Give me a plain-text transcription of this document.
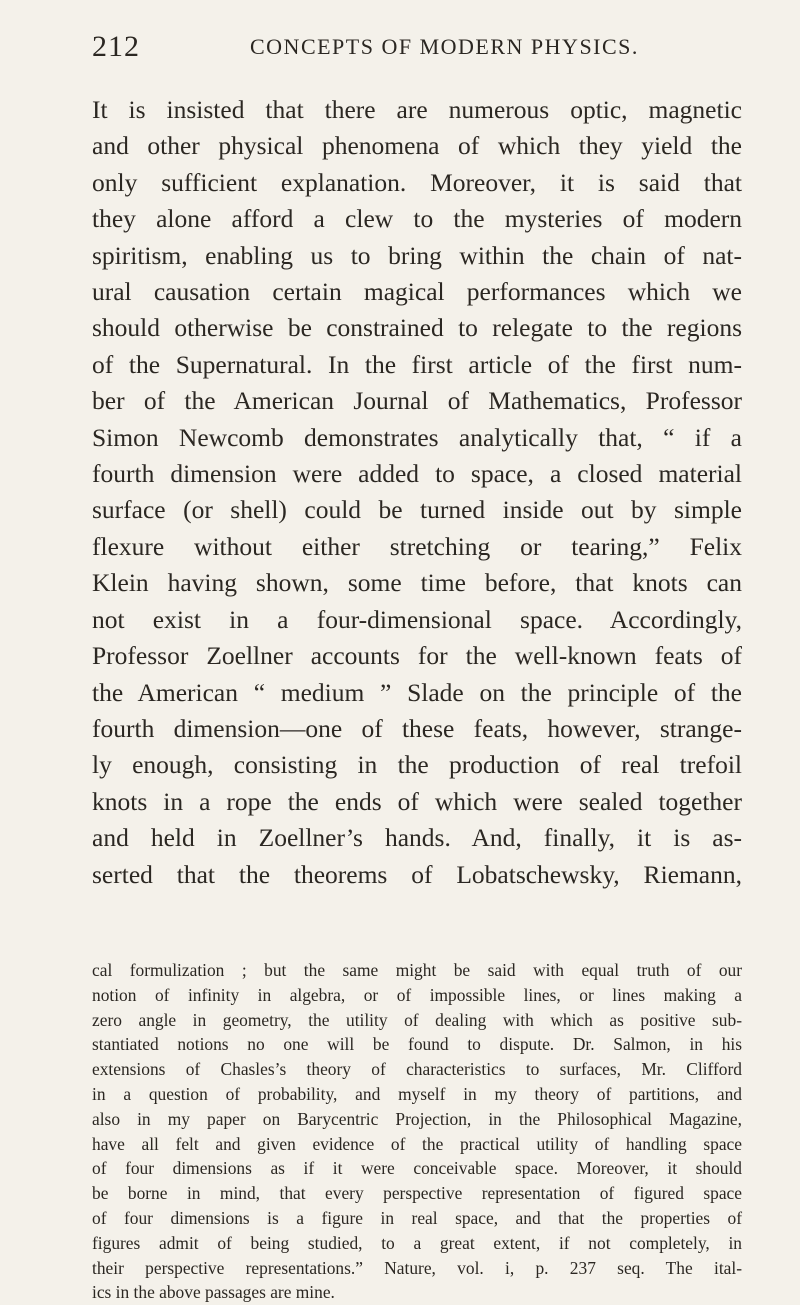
212	CONCEPTS OF MODERN PHYSICS.
It is insisted that there are numerous optic, magnetic
and other physical phenomena of which they yield the
only sufficient explanation. Moreover, it is said that
they alone afford a clew to the mysteries of modern
spiritism, enabling us to bring within the chain of nat-
ural causation certain magical performances which we
should otherwise be constrained to relegate to the regions
of the Supernatural. In the first article of the first num-
ber of the American Journal of Mathematics, Professor
Simon Newcomb demonstrates analytically that, “ if a
fourth dimension were added to space, a closed material
surface (or shell) could be turned inside out by simple
flexure without either stretching or tearing,” Felix
Klein having shown, some time before, that knots can
not exist in a four-dimensional space. Accordingly,
Professor Zoellner accounts for the well-known feats of
the American “ medium ” Slade on the principle of the
fourth dimension—one of these feats, however, strange-
ly enough, consisting in the production of real trefoil
knots in a rope the ends of which were sealed together
and held in Zoellner’s hands. And, finally, it is as-
serted that the theorems of Lobatschewsky, Riemann,
cal formulization ; but the same might be said with equal truth of our
notion of infinity in algebra, or of impossible lines, or lines making a
zero angle in geometry, the utility of dealing with which as positive sub-
stantiated notions no one will be found to dispute. Dr. Salmon, in his
extensions of Chasles’s theory of characteristics to surfaces, Mr. Clifford
in a question of probability, and myself in my theory of partitions, and
also in my paper on Barycentric Projection, in the Philosophical Magazine,
have all felt and given evidence of the practical utility of handling space
of four dimensions as if it were conceivable space. Moreover, it should
be borne in mind, that every perspective representation of figured space
of four dimensions is a figure in real space, and that the properties of
figures admit of being studied, to a great extent, if not completely, in
their perspective representations.” Nature, vol. i, p. 237 seq. The ital-
ics in the above passages are mine.
